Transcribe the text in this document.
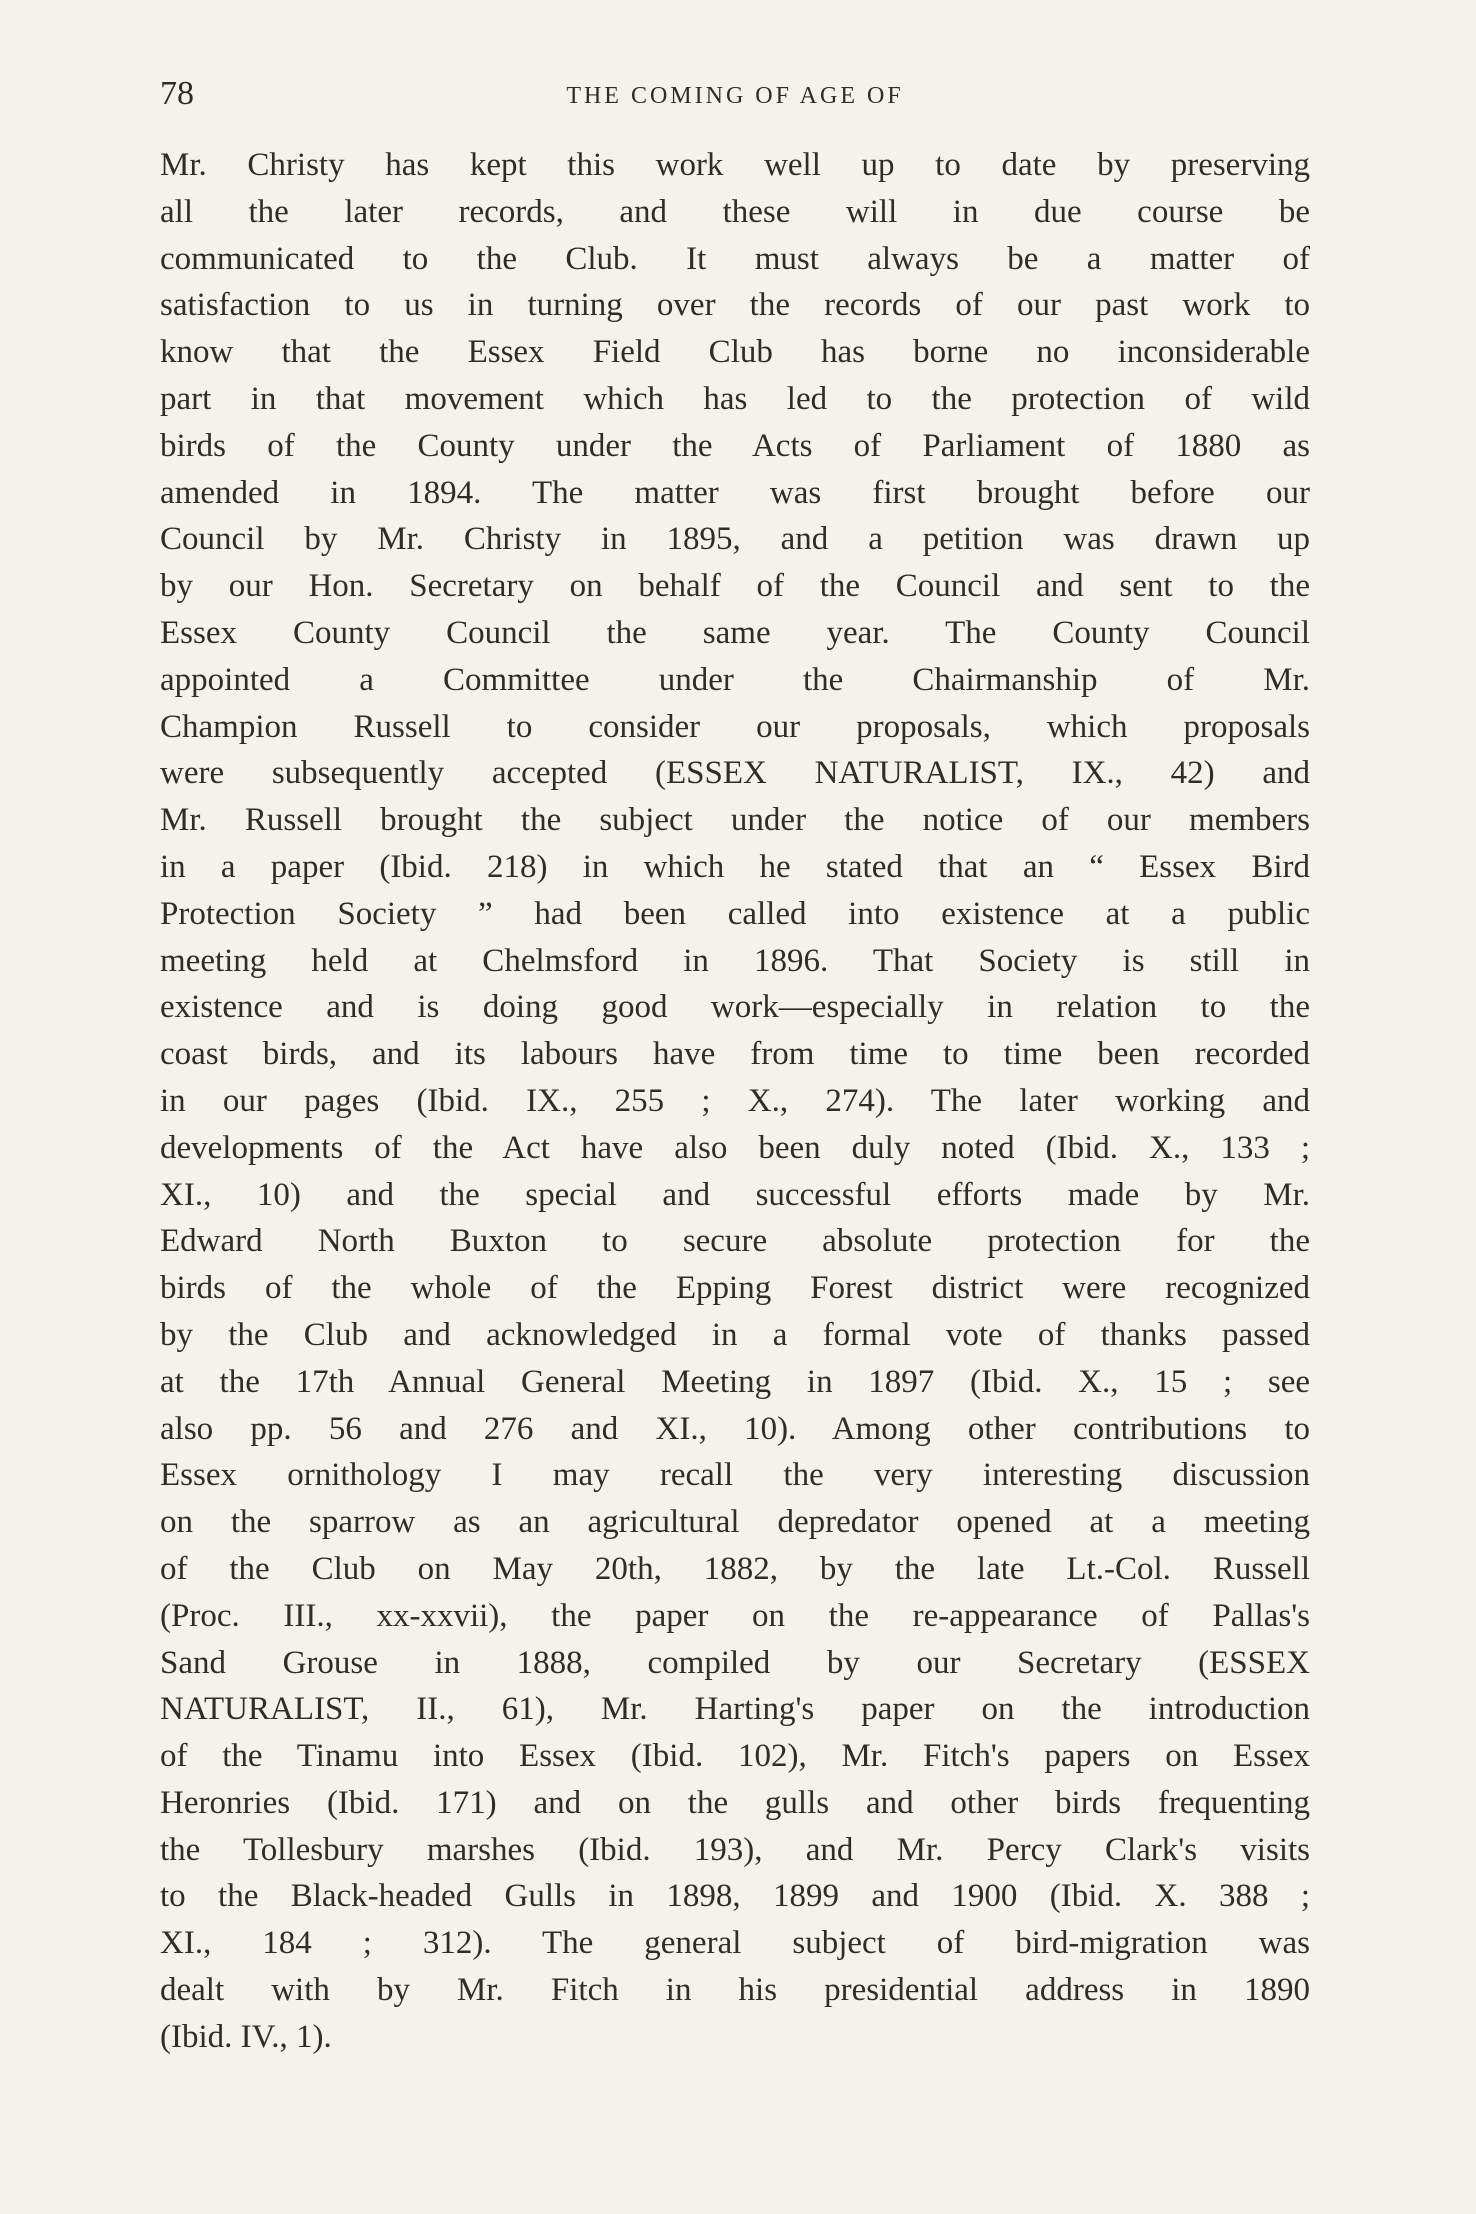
78	THE COMING OF AGE OF
Mr. Christy has kept this work well up to date by preserving
all the later records, and these will in due course be
communicated to the Club. It must always be a matter of
satisfaction to us in turning over the records of our past work to
know that the Essex Field Club has borne no inconsiderable
part in that movement which has led to the protection of wild
birds of the County under the Acts of Parliament of 1880 as
amended in 1894. The matter was first brought before our
Council by Mr. Christy in 1895, and a petition was drawn up
by our Hon. Secretary on behalf of the Council and sent to the
Essex County Council the same year. The County Council
appointed a Committee under the Chairmanship of Mr.
Champion Russell to consider our proposals, which proposals
were subsequently accepted (ESSEX NATURALIST, IX., 42) and
Mr. Russell brought the subject under the notice of our members
in a paper (Ibid. 218) in which he stated that an “ Essex Bird
Protection Society ” had been called into existence at a public
meeting held at Chelmsford in 1896. That Society is still in
existence and is doing good work—especially in relation to the
coast birds, and its labours have from time to time been recorded
in our pages (Ibid. IX., 255 ; X., 274). The later working and
developments of the Act have also been duly noted (Ibid. X., 133 ;
XI., 10) and the special and successful efforts made by Mr.
Edward North Buxton to secure absolute protection for the
birds of the whole of the Epping Forest district were recognized
by the Club and acknowledged in a formal vote of thanks passed
at the 17th Annual General Meeting in 1897 (Ibid. X., 15 ; see
also pp. 56 and 276 and XI., 10). Among other contributions to
Essex ornithology I may recall the very interesting discussion
on the sparrow as an agricultural depredator opened at a meeting
of the Club on May 20th, 1882, by the late Lt.-Col. Russell
(Proc. III., xx-xxvii), the paper on the re-appearance of Pallas's
Sand Grouse in 1888, compiled by our Secretary (ESSEX
NATURALIST, II., 61), Mr. Harting's paper on the introduction
of the Tinamu into Essex (Ibid. 102), Mr. Fitch's papers on Essex
Heronries (Ibid. 171) and on the gulls and other birds frequenting
the Tollesbury marshes (Ibid. 193), and Mr. Percy Clark's visits
to the Black-headed Gulls in 1898, 1899 and 1900 (Ibid. X. 388 ;
XI., 184 ; 312). The general subject of bird-migration was
dealt with by Mr. Fitch in his presidential address in 1890
(Ibid. IV., 1).
